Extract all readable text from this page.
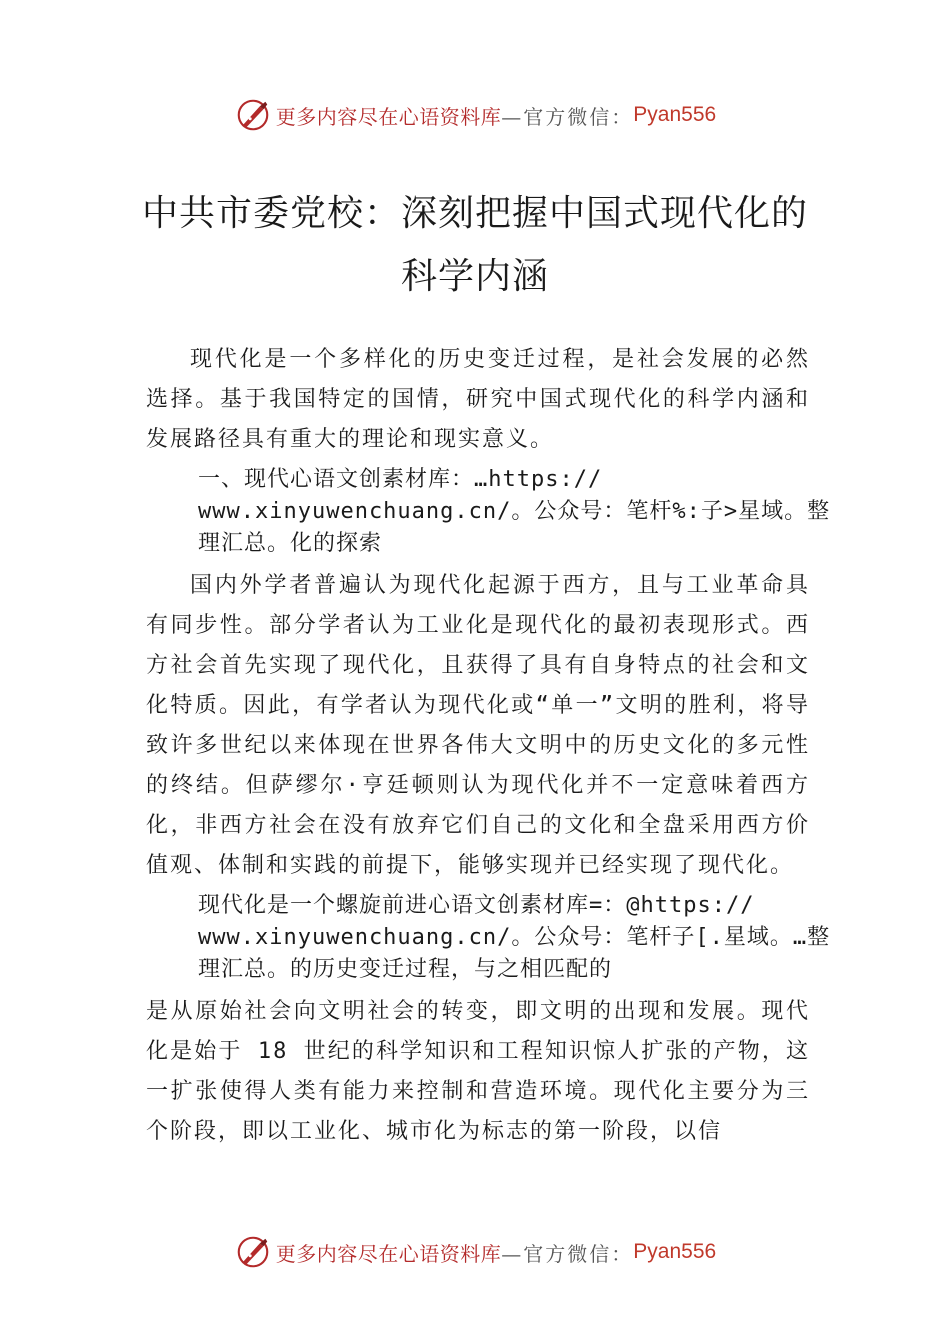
更多内容尽在心语资料库 —官方微信： Pyan556
中共市委党校：深刻把握中国式现代化的
科学内涵

现代化是一个多样化的历史变迁过程，是社会发展的必然选择。基于我国特定的国情，研究中国式现代化的科学内涵和发展路径具有重大的理论和现实意义。

一、现代心语文创素材库：…https:// www.xinyuwenchuang.cn/。公众号：笔杆%:子>星域。整理汇总。化的探索

国内外学者普遍认为现代化起源于西方，且与工业革命具有同步性。部分学者认为工业化是现代化的最初表现形式。西方社会首先实现了现代化，且获得了具有自身特点的社会和文化特质。因此，有学者认为现代化或“单一”文明的胜利，将导致许多世纪以来体现在世界各伟大文明中的历史文化的多元性的终结。但萨缪尔·亨廷顿则认为现代化并不一定意味着西方化，非西方社会在没有放弃它们自己的文化和全盘采用西方价值观、体制和实践的前提下，能够实现并已经实现了现代化。

现代化是一个螺旋前进心语文创素材库=：@https:// www.xinyuwenchuang.cn/。公众号：笔杆子[.星域。…整理汇总。的历史变迁过程，与之相匹配的

是从原始社会向文明社会的转变，即文明的出现和发展。现代化是始于 18 世纪的科学知识和工程知识惊人扩张的产物，这一扩张使得人类有能力来控制和营造环境。现代化主要分为三个阶段，即以工业化、城市化为标志的第一阶段，以信

更多内容尽在心语资料库 —官方微信： Pyan556
